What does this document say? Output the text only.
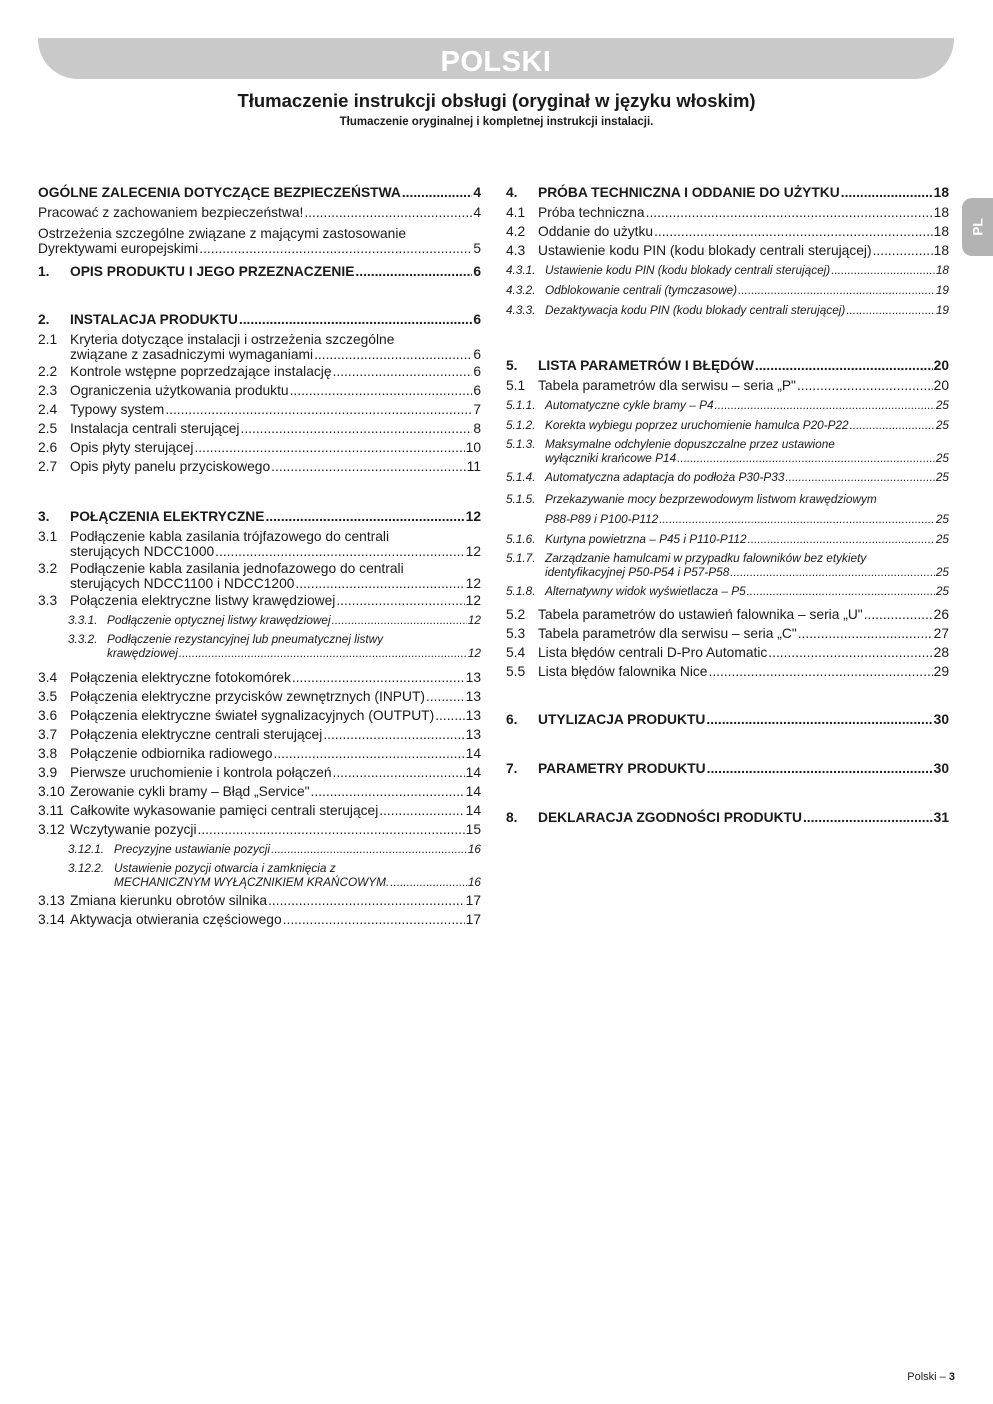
POLSKI
Tłumaczenie instrukcji obsługi (oryginał w języku włoskim)
Tłumaczenie oryginalnej i kompletnej instrukcji instalacji.
PL
OGÓLNE ZALECENIA DOTYCZĄCE BEZPIECZEŃSTWA .....	4
Pracować z zachowaniem bezpieczeństwa! .....	4
Ostrzeżenia szczególne związane z mającymi zastosowanie
Dyrektywami europejskimi .....	5
1.	OPIS PRODUKTU I JEGO PRZEZNACZENIE .....	6
2.	INSTALACJA PRODUKTU .....	6
2.1 Kryteria dotyczące instalacji i ostrzeżenia szczególne
związane z zasadniczymi wymaganiami .....	6
2.2 Kontrole wstępne poprzedzające instalację .....	6
2.3 Ograniczenia użytkowania produktu .....	6
2.4 Typowy system .....	7
2.5 Instalacja centrali sterującej .....	8
2.6 Opis płyty sterującej .....	10
2.7 Opis płyty panelu przyciskowego .....	11
3.	POŁĄCZENIA ELEKTRYCZNE .....	12
3.1 Podłączenie kabla zasilania trójfazowego do centrali
sterujących NDCC1000 .....	12
3.2 Podłączenie kabla zasilania jednofazowego do centrali
sterujących NDCC1100 i NDCC1200 .....	12
3.3 Połączenia elektryczne listwy krawędziowej .....	12
3.3.1. Podłączenie optycznej listwy krawędziowej .....	12
3.3.2. Podłączenie rezystancyjnej lub pneumatycznej listwy
krawędziowej .....	12
3.4 Połączenia elektryczne fotokomórek .....	13
3.5 Połączenia elektryczne przycisków zewnętrznych (INPUT) .....	13
3.6 Połączenia elektryczne świateł sygnalizacyjnych (OUTPUT) ..... 13
3.7 Połączenia elektryczne centrali sterującej .....	13
3.8 Połączenie odbiornika radiowego .....	14
3.9 Pierwsze uruchomienie i kontrola połączeń .....	14
3.10 Zerowanie cykli bramy – Błąd „Service" .....	14
3.11 Całkowite wykasowanie pamięci centrali sterującej .....	14
3.12 Wczytywanie pozycji .....	15
3.12.1. Precyzyjne ustawianie pozycji .....	16
3.12.2. Ustawienie pozycji otwarcia i zamknięcia z
MECHANICZNYM WYŁĄCZNIKIEM KRAŃCOWYM. .....	16
3.13 Zmiana kierunku obrotów silnika .....	17
3.14 Aktywacja otwierania częściowego .....	17
4.	PRÓBA TECHNICZNA I ODDANIE DO UŻYTKU .....	18
4.1 Próba techniczna .....	18
4.2 Oddanie do użytku .....	18
4.3 Ustawienie kodu PIN (kodu blokady centrali sterującej) .....	18
4.3.1. Ustawienie kodu PIN (kodu blokady centrali sterującej) .....	18
4.3.2. Odblokowanie centrali (tymczasowe) .....	19
4.3.3. Dezaktywacja kodu PIN (kodu blokady centrali sterującej) .....	19
5.	LISTA PARAMETRÓW I BŁĘDÓW .....	20
5.1 Tabela parametrów dla serwisu – seria „P" .....	20
5.1.1. Automatyczne cykle bramy – P4 .....	25
5.1.2. Korekta wybiegu poprzez uruchomienie hamulca P20-P22 .....	25
5.1.3. Maksymalne odchylenie dopuszczalne przez ustawione
wyłączniki krańcowe P14 .....	25
5.1.4. Automatyczna adaptacja do podłoża P30-P33 .....	25
5.1.5. Przekazywanie mocy bezprzewodowym listwom krawędziowym
P88-P89 i P100-P112 .....	25
5.1.6. Kurtyna powietrzna – P45 i P110-P112 .....	25
5.1.7. Zarządzanie hamulcami w przypadku falowników bez etykiety
identyfikacyjnej P50-P54 i P57-P58 .....	25
5.1.8. Alternatywny widok wyświetlacza – P5 .....	25
5.2 Tabela parametrów do ustawień falownika – seria „U" .....	26
5.3 Tabela parametrów dla serwisu – seria „C" .....	27
5.4 Lista błędów centrali D-Pro Automatic .....	28
5.5 Lista błędów falownika Nice .....	29
6.	UTYLIZACJA PRODUKTU .....	30
7.	PARAMETRY PRODUKTU .....	30
8.	DEKLARACJA ZGODNOŚCI PRODUKTU .....	31
Polski – 3
